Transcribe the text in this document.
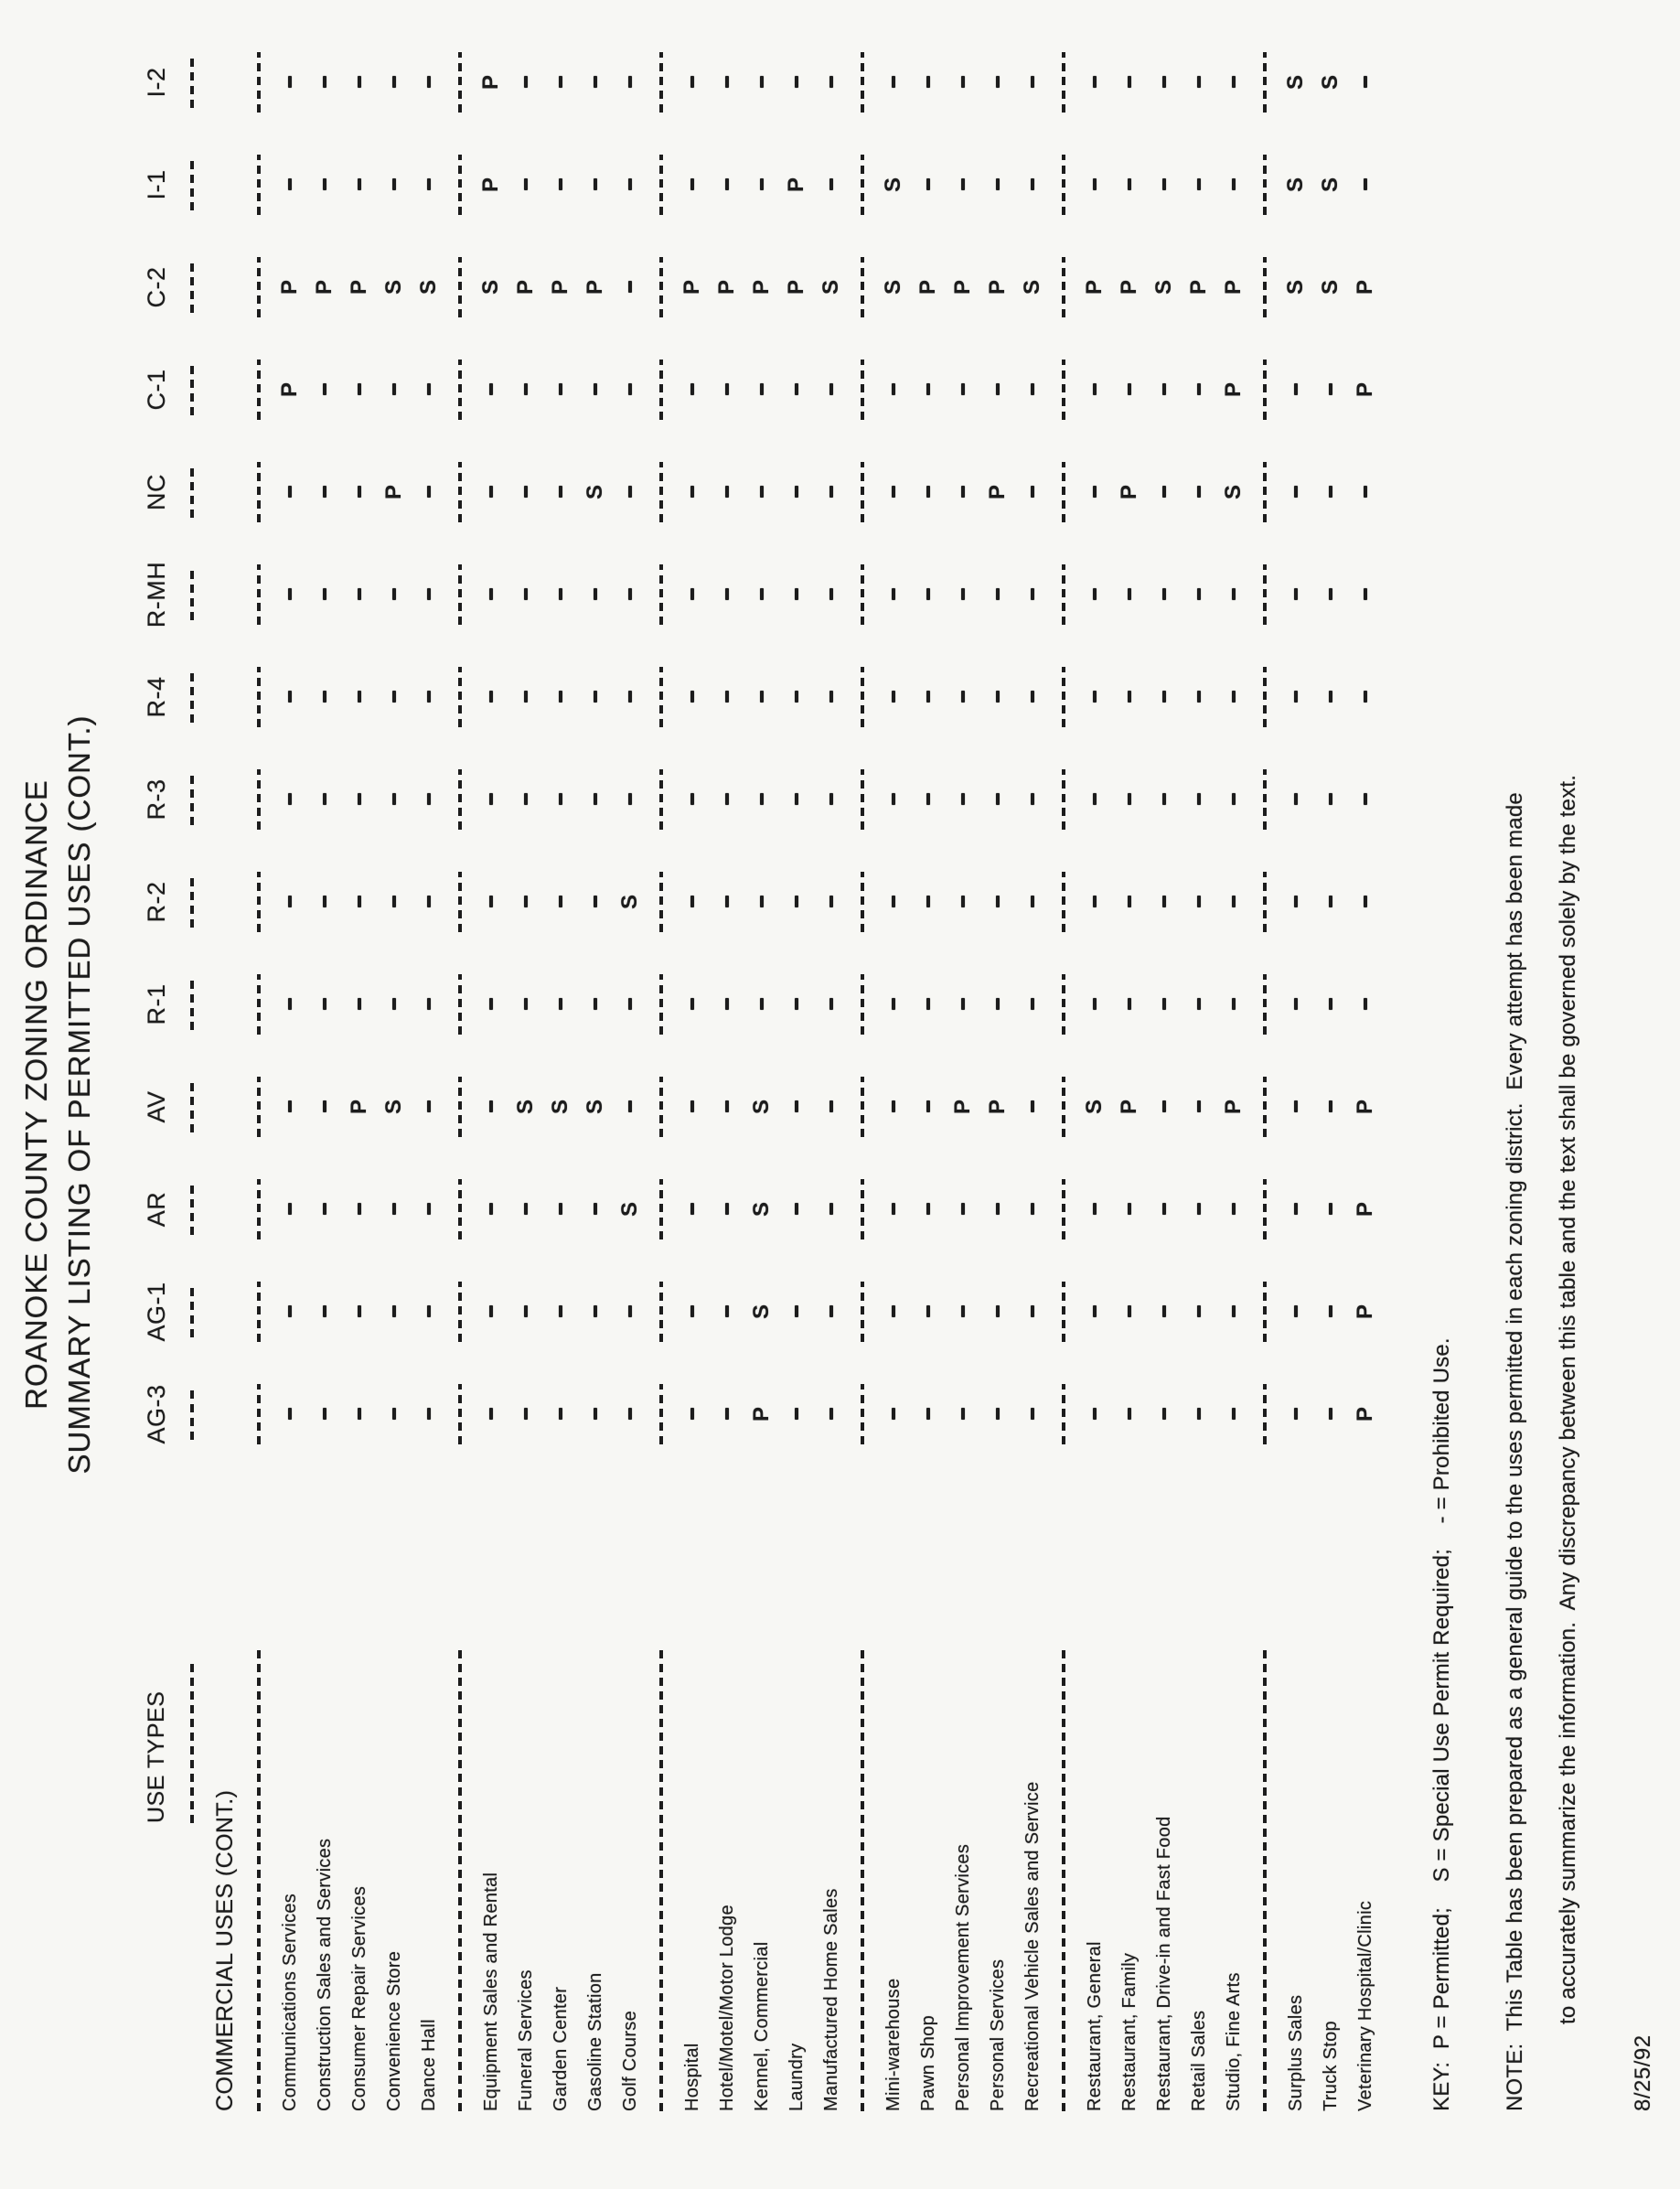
ROANOKE COUNTY ZONING ORDINANCE SUMMARY LISTING OF PERMITTED USES (CONT.)
USE TYPES
AG-3
AG-1
AR
AV
R-1
R-2
R-3
R-4
R-MH
NC
C-1
C-2
I-1
I-2
COMMERCIAL USES (CONT.) Communications Services
P
P
Construction Sales and Services
P
Consumer Repair Services
P
P
Convenience Store
S
P
S
Dance Hall
S
Equipment Sales and Rental
S
P
P
Funeral Services
S
P
Garden Center
S
P
Gasoline Station
S
S
P
Golf Course
S
S
Hospital
P
Hotel/Motel/Motor Lodge
P
Kennel, Commercial
P
S
S
S
P
Laundry
P
P
Manufactured Home Sales
S
Mini-warehouse
S
S
Pawn Shop
P
Personal Improvement Services
P
P
Personal Services
P
P
P
Recreational Vehicle Sales and Service
S
Restaurant, General
S
P
Restaurant, Family
P
P
P
Restaurant, Drive-in and Fast Food
S
Retail Sales
P
Studio, Fine Arts
P
S
P
P
Surplus Sales
S
S
S
Truck Stop
S
S
S
Veterinary Hospital/Clinic
P
P
P
P
P
P
KEY:  P = Permitted;    S = Special Use Permit Required;    - = Prohibited Use. NOTE:  This Table has been prepared as a general guide to the uses permitted in each zoning district.  Every attempt has been made to accurately summarize the information.  Any discrepancy between this table and the text shall be governed solely by the text.
8/25/92
